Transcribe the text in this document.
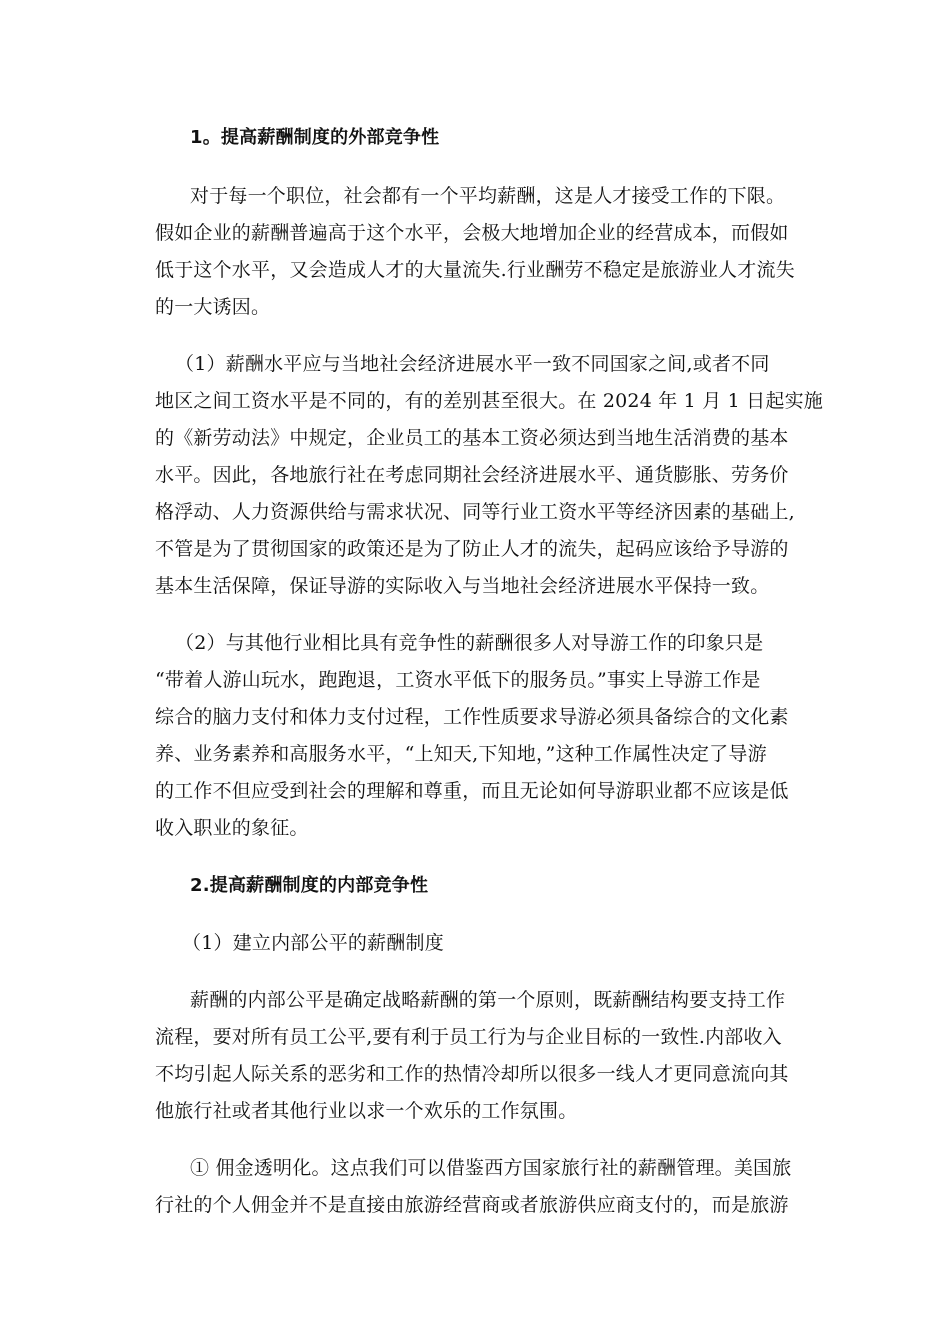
1。提高薪酬制度的外部竞争性
对于每一个职位，社会都有一个平均薪酬，这是人才接受工作的下限。
假如企业的薪酬普遍高于这个水平，会极大地增加企业的经营成本，而假如
低于这个水平，又会造成人才的大量流失.行业酬劳不稳定是旅游业人才流失
的一大诱因。
（1）薪酬水平应与当地社会经济进展水平一致不同国家之间,或者不同
地区之间工资水平是不同的，有的差别甚至很大。在 2024 年 1 月 1 日起实施
的《新劳动法》中规定，企业员工的基本工资必须达到当地生活消费的基本
水平。因此，各地旅行社在考虑同期社会经济进展水平、通货膨胀、劳务价
格浮动、人力资源供给与需求状况、同等行业工资水平等经济因素的基础上,
不管是为了贯彻国家的政策还是为了防止人才的流失，起码应该给予导游的
基本生活保障，保证导游的实际收入与当地社会经济进展水平保持一致。
（2）与其他行业相比具有竞争性的薪酬很多人对导游工作的印象只是
“带着人游山玩水，跑跑退，工资水平低下的服务员。”事实上导游工作是
综合的脑力支付和体力支付过程，工作性质要求导游必须具备综合的文化素
养、业务素养和高服务水平，“上知天,下知地，”这种工作属性决定了导游
的工作不但应受到社会的理解和尊重，而且无论如何导游职业都不应该是低
收入职业的象征。
2.提高薪酬制度的内部竞争性
（1）建立内部公平的薪酬制度
薪酬的内部公平是确定战略薪酬的第一个原则，既薪酬结构要支持工作
流程，要对所有员工公平,要有利于员工行为与企业目标的一致性.内部收入
不均引起人际关系的恶劣和工作的热情冷却所以很多一线人才更同意流向其
他旅行社或者其他行业以求一个欢乐的工作氛围。
① 佣金透明化。这点我们可以借鉴西方国家旅行社的薪酬管理。美国旅
行社的个人佣金并不是直接由旅游经营商或者旅游供应商支付的，而是旅游
